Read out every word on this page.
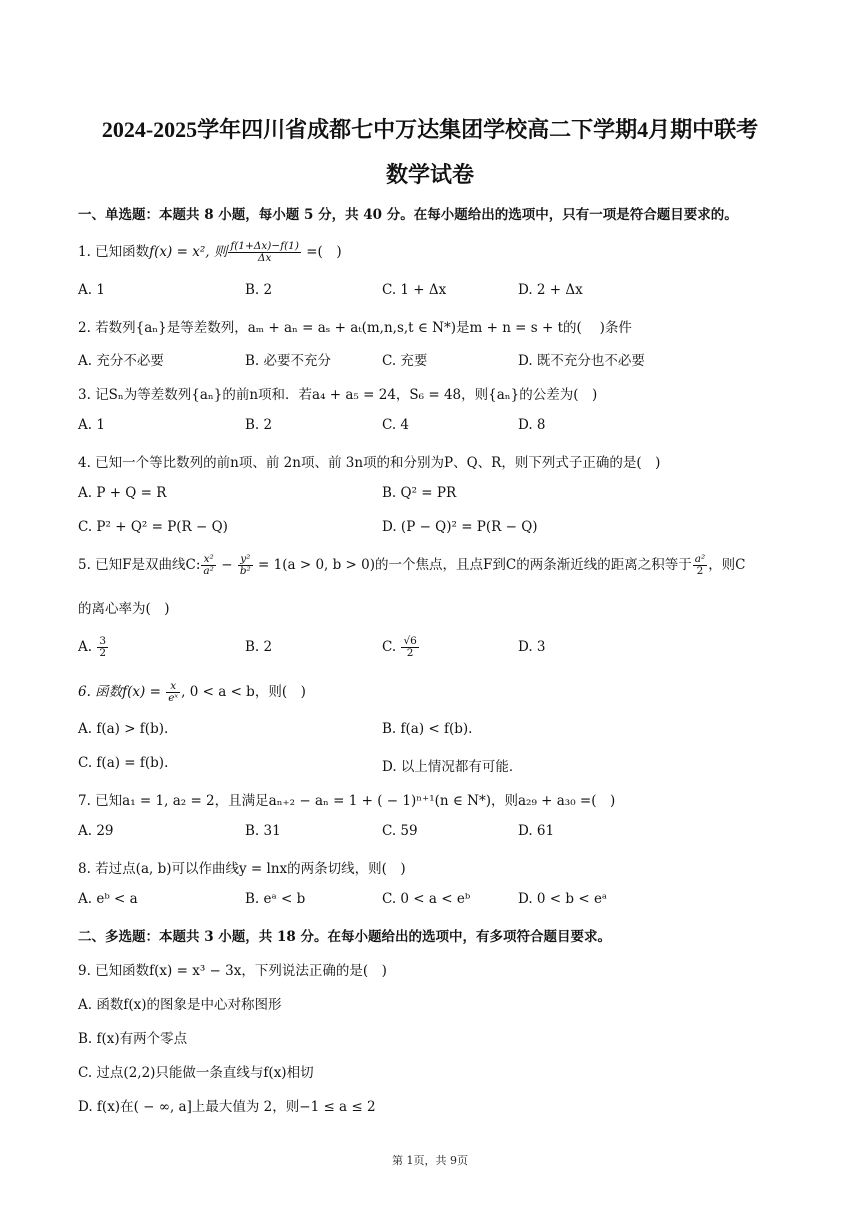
2024-2025学年四川省成都七中万达集团学校高二下学期4月期中联考
数学试卷
一、单选题：本题共 8 小题，每小题 5 分，共 40 分。在每小题给出的选项中，只有一项是符合题目要求的。
1. 已知函数f(x) = x², 则 $\frac{f(1+\Delta x)-f(1)}{\Delta x}$ =(　)
A. 1	B. 2	C. 1 + Δx	D. 2 + Δx
2. 若数列{aₙ}是等差数列，aₘ + aₙ = aₛ + aₜ(m,n,s,t ∈ N*)是m + n = s + t的(　 )条件
A. 充分不必要	B. 必要不充分	C. 充要	D. 既不充分也不必要
3. 记Sₙ为等差数列{aₙ}的前n项和．若a₄ + a₅ = 24，S₆ = 48，则{aₙ}的公差为(　)
A. 1	B. 2	C. 4	D. 8
4. 已知一个等比数列的前n项、前 2n项、前 3n项的和分别为P、Q、R，则下列式子正确的是(　)
A. P + Q = R	B. Q² = PR
C. P² + Q² = P(R − Q)	D. (P − Q)² = P(R − Q)
5. 已知F是双曲线C: $\frac{\text{x²}}{\text{a²}} - \frac{\text{y²}}{\text{b²}} = 1(a > 0$, b > 0)的一个焦点，且点F到C的两条渐近线的距离之积等于 $\frac{\text{a²}}{2}$ ，则C
的离心率为(　)
A. $\frac{3}{2}$	B. 2	C. $\frac{√6}{2}$	D. 3
6. 函数$f(x) = \frac{x}{\text{eˣ}}$ , 0 < a < b，则(　)
A. f(a) > f(b).	B. f(a) < f(b).
C. f(a) = f(b).	D. 以上情况都有可能．
7. 已知a₁ = 1, a₂ = 2，且满足aₙ₊₂ − aₙ = 1 + ( − 1)ⁿ⁺¹(n ∈ N*)，则a₂₉ + a₃₀ =(　)
A. 29	B. 31	C. 59	D. 61
8. 若过点(a, b)可以作曲线y = lnx的两条切线，则(　)
A. eᵇ < a	B. eᵃ < b	C. 0 < a < eᵇ	D. 0 < b < eᵃ
二、多选题：本题共 3 小题，共 18 分。在每小题给出的选项中，有多项符合题目要求。
9. 已知函数f(x) = x³ − 3x，下列说法正确的是(　)
A. 函数f(x)的图象是中心对称图形
B. f(x)有两个零点
C. 过点(2,2)只能做一条直线与f(x)相切
D. f(x)在( − ∞, a]上最大值为 2，则−1 ≤ a ≤ 2
第 1页，共 9页
